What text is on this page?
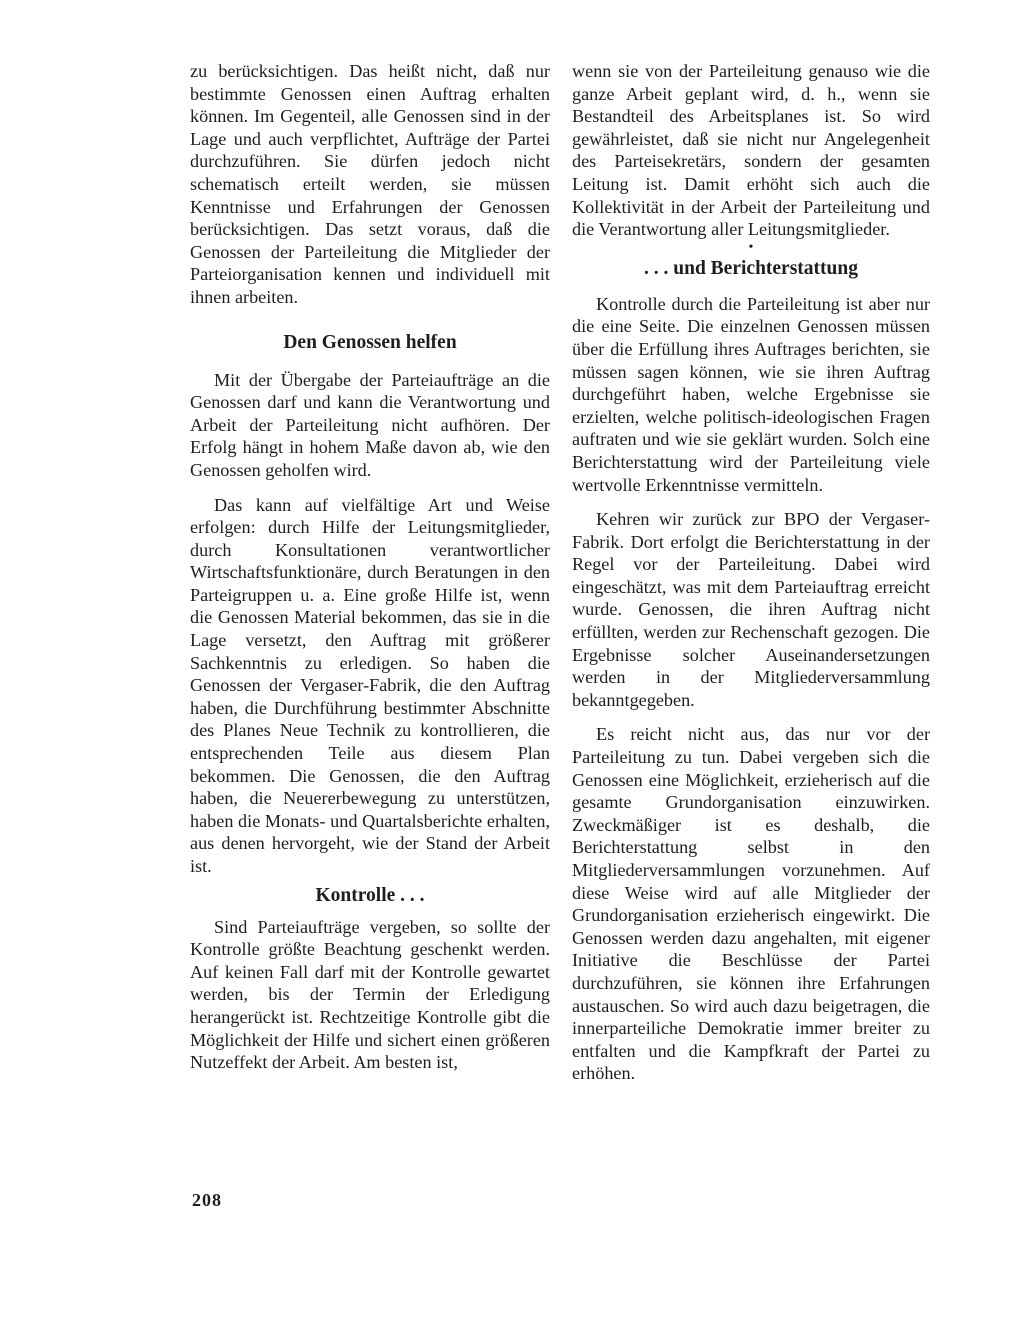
zu berücksichtigen. Das heißt nicht, daß nur bestimmte Genossen einen Auftrag erhalten können. Im Gegenteil, alle Genossen sind in der Lage und auch verpflichtet, Aufträge der Partei durchzuführen. Sie dürfen jedoch nicht schematisch erteilt werden, sie müssen Kenntnisse und Erfahrungen der Genossen berücksichtigen. Das setzt voraus, daß die Genossen der Parteileitung die Mitglieder der Parteiorganisation kennen und individuell mit ihnen arbeiten.

Den Genossen helfen

Mit der Übergabe der Parteiaufträge an die Genossen darf und kann die Verantwortung und Arbeit der Parteileitung nicht aufhören. Der Erfolg hängt in hohem Maße davon ab, wie den Genossen geholfen wird.

Das kann auf vielfältige Art und Weise erfolgen: durch Hilfe der Leitungsmitglieder, durch Konsultationen verantwortlicher Wirtschaftsfunktionäre, durch Beratungen in den Parteigruppen u. a. Eine große Hilfe ist, wenn die Genossen Material bekommen, das sie in die Lage versetzt, den Auftrag mit größerer Sachkenntnis zu erledigen. So haben die Genossen der Vergaser-Fabrik, die den Auftrag haben, die Durchführung bestimmter Abschnitte des Planes Neue Technik zu kontrollieren, die entsprechenden Teile aus diesem Plan bekommen. Die Genossen, die den Auftrag haben, die Neuererbewegung zu unterstützen, haben die Monats- und Quartalsberichte erhalten, aus denen hervorgeht, wie der Stand der Arbeit ist.

Kontrolle . . .

Sind Parteiaufträge vergeben, so sollte der Kontrolle größte Beachtung geschenkt werden. Auf keinen Fall darf mit der Kontrolle gewartet werden, bis der Termin der Erledigung herangerückt ist. Rechtzeitige Kontrolle gibt die Möglichkeit der Hilfe und sichert einen größeren Nutzeffekt der Arbeit. Am besten ist,

wenn sie von der Parteileitung genauso wie die ganze Arbeit geplant wird, d. h., wenn sie Bestandteil des Arbeitsplanes ist. So wird gewährleistet, daß sie nicht nur Angelegenheit des Parteisekretärs, sondern der gesamten Leitung ist. Damit erhöht sich auch die Kollektivität in der Arbeit der Parteileitung und die Verantwortung aller Leitungsmitglieder.

•
. . . und Berichterstattung

Kontrolle durch die Parteileitung ist aber nur die eine Seite. Die einzelnen Genossen müssen über die Erfüllung ihres Auftrages berichten, sie müssen sagen können, wie sie ihren Auftrag durchgeführt haben, welche Ergebnisse sie erzielten, welche politisch-ideologischen Fragen auftraten und wie sie geklärt wurden. Solch eine Berichterstattung wird der Parteileitung viele wertvolle Erkenntnisse vermitteln.

Kehren wir zurück zur BPO der Vergaser-Fabrik. Dort erfolgt die Berichterstattung in der Regel vor der Parteileitung. Dabei wird eingeschätzt, was mit dem Parteiauftrag erreicht wurde. Genossen, die ihren Auftrag nicht erfüllten, werden zur Rechenschaft gezogen. Die Ergebnisse solcher Auseinandersetzungen werden in der Mitgliederversammlung bekanntgegeben.

Es reicht nicht aus, das nur vor der Parteileitung zu tun. Dabei vergeben sich die Genossen eine Möglichkeit, erzieherisch auf die gesamte Grundorganisation einzuwirken. Zweckmäßiger ist es deshalb, die Berichterstattung selbst in den Mitgliederversammlungen vorzunehmen. Auf diese Weise wird auf alle Mitglieder der Grundorganisation erzieherisch eingewirkt. Die Genossen werden dazu angehalten, mit eigener Initiative die Beschlüsse der Partei durchzuführen, sie können ihre Erfahrungen austauschen. So wird auch dazu beigetragen, die innerparteiliche Demokratie immer breiter zu entfalten und die Kampfkraft der Partei zu erhöhen.

208
